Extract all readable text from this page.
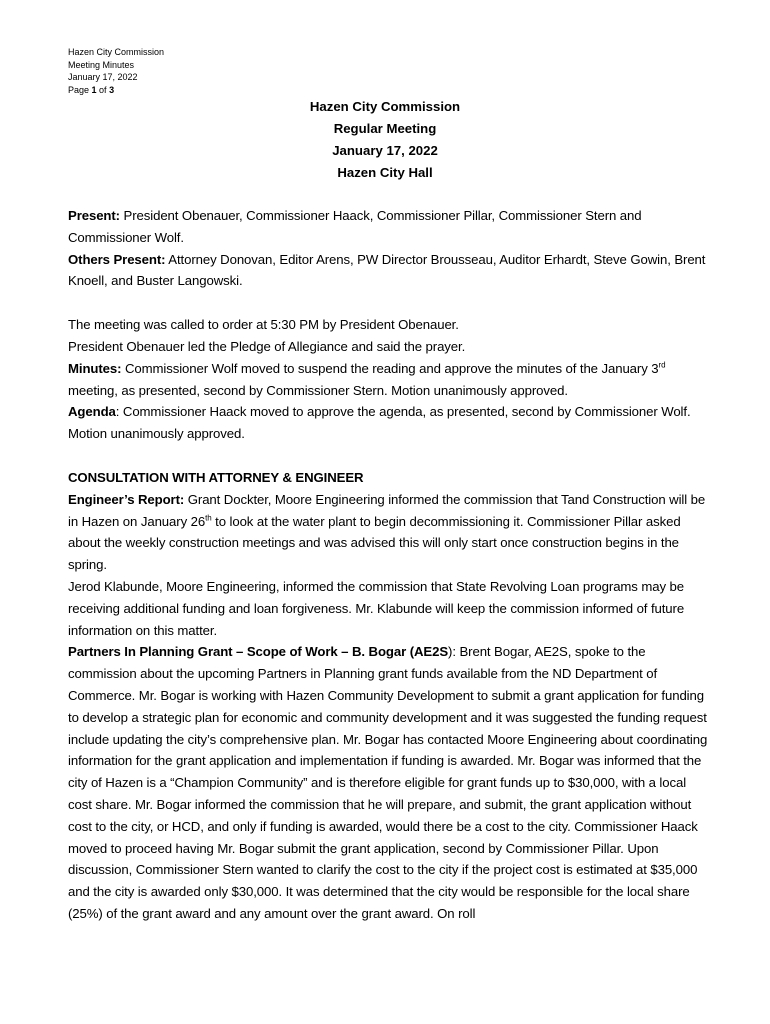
Hazen City Commission
Meeting Minutes
January 17, 2022
Page 1 of 3
Hazen City Commission
Regular Meeting
January 17, 2022
Hazen City Hall

Present: President Obenauer, Commissioner Haack, Commissioner Pillar, Commissioner Stern and Commissioner Wolf.

Others Present: Attorney Donovan, Editor Arens, PW Director Brousseau, Auditor Erhardt, Steve Gowin, Brent Knoell, and Buster Langowski.

The meeting was called to order at 5:30 PM by President Obenauer.

President Obenauer led the Pledge of Allegiance and said the prayer.

Minutes: Commissioner Wolf moved to suspend the reading and approve the minutes of the January 3rd meeting, as presented, second by Commissioner Stern. Motion unanimously approved.

Agenda: Commissioner Haack moved to approve the agenda, as presented, second by Commissioner Wolf. Motion unanimously approved.

CONSULTATION WITH ATTORNEY & ENGINEER

Engineer’s Report: Grant Dockter, Moore Engineering informed the commission that Tand Construction will be in Hazen on January 26th to look at the water plant to begin decommissioning it. Commissioner Pillar asked about the weekly construction meetings and was advised this will only start once construction begins in the spring.

Jerod Klabunde, Moore Engineering, informed the commission that State Revolving Loan programs may be receiving additional funding and loan forgiveness. Mr. Klabunde will keep the commission informed of future information on this matter.

Partners In Planning Grant – Scope of Work – B. Bogar (AE2S): Brent Bogar, AE2S, spoke to the commission about the upcoming Partners in Planning grant funds available from the ND Department of Commerce. Mr. Bogar is working with Hazen Community Development to submit a grant application for funding to develop a strategic plan for economic and community development and it was suggested the funding request include updating the city’s comprehensive plan. Mr. Bogar has contacted Moore Engineering about coordinating information for the grant application and implementation if funding is awarded. Mr. Bogar was informed that the city of Hazen is a “Champion Community” and is therefore eligible for grant funds up to $30,000, with a local cost share. Mr. Bogar informed the commission that he will prepare, and submit, the grant application without cost to the city, or HCD, and only if funding is awarded, would there be a cost to the city. Commissioner Haack moved to proceed having Mr. Bogar submit the grant application, second by Commissioner Pillar. Upon discussion, Commissioner Stern wanted to clarify the cost to the city if the project cost is estimated at $35,000 and the city is awarded only $30,000. It was determined that the city would be responsible for the local share (25%) of the grant award and any amount over the grant award. On roll
